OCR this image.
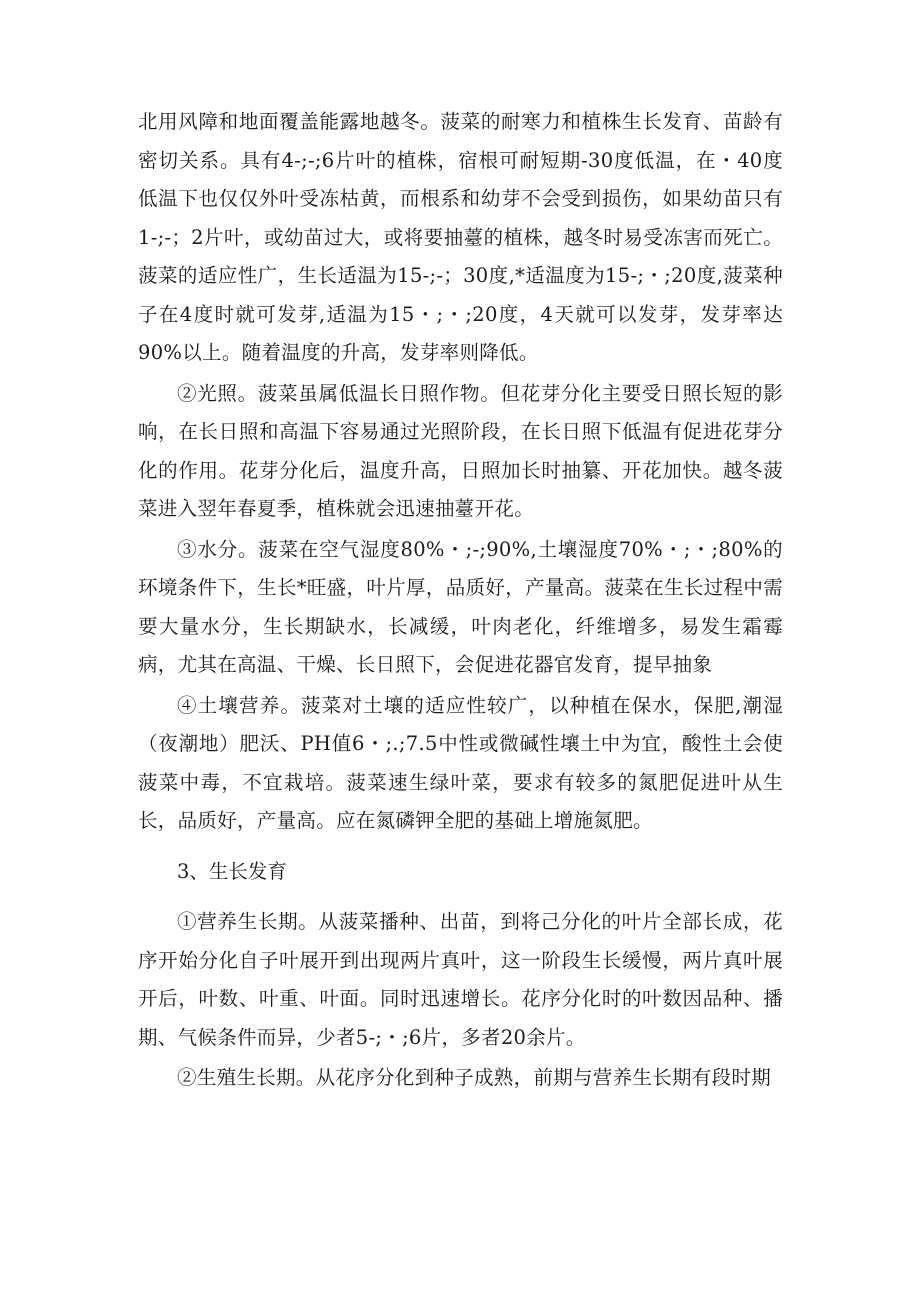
北用风障和地面覆盖能露地越冬。菠菜的耐寒力和植株生长发育、苗龄有密切关系。具有4-;-;6片叶的植株，宿根可耐短期-30度低温，在・40度低温下也仅仅外叶受冻枯黄，而根系和幼芽不会受到损伤，如果幼苗只有1-;-；2片叶，或幼苗过大，或将要抽薹的植株，越冬时易受冻害而死亡。菠菜的适应性广，生长适温为15-;-；30度,*适温度为15-;・;20度,菠菜种子在4度时就可发芽,适温为15・;・;20度，4天就可以发芽，发芽率达90%以上。随着温度的升高，发芽率则降低。

②光照。菠菜虽属低温长日照作物。但花芽分化主要受日照长短的影响，在长日照和高温下容易通过光照阶段，在长日照下低温有促进花芽分化的作用。花芽分化后，温度升高，日照加长时抽纂、开花加快。越冬菠菜进入翌年春夏季，植株就会迅速抽薹开花。

③水分。菠菜在空气湿度80%・;-;90%,土壤湿度70%・;・;80%的环境条件下，生长*旺盛，叶片厚，品质好，产量高。菠菜在生长过程中需要大量水分，生长期缺水，长减缓，叶肉老化，纤维增多，易发生霜霉病，尤其在高温、干燥、长日照下，会促进花器官发育，提早抽象

④土壤营养。菠菜对土壤的适应性较广，以种植在保水，保肥,潮湿（夜潮地）肥沃、PH值6・;.;7.5中性或微碱性壤土中为宜，酸性土会使菠菜中毒，不宜栽培。菠菜速生绿叶菜，要求有较多的氮肥促进叶从生长，品质好，产量高。应在氮磷钾全肥的基础上增施氮肥。

3、生长发育

①营养生长期。从菠菜播种、出苗，到将己分化的叶片全部长成，花序开始分化自子叶展开到出现两片真叶，这一阶段生长缓慢，两片真叶展开后，叶数、叶重、叶面。同时迅速增长。花序分化时的叶数因品种、播期、气候条件而异，少者5-;・;6片，多者20余片。

②生殖生长期。从花序分化到种子成熟，前期与营养生长期有段时期
